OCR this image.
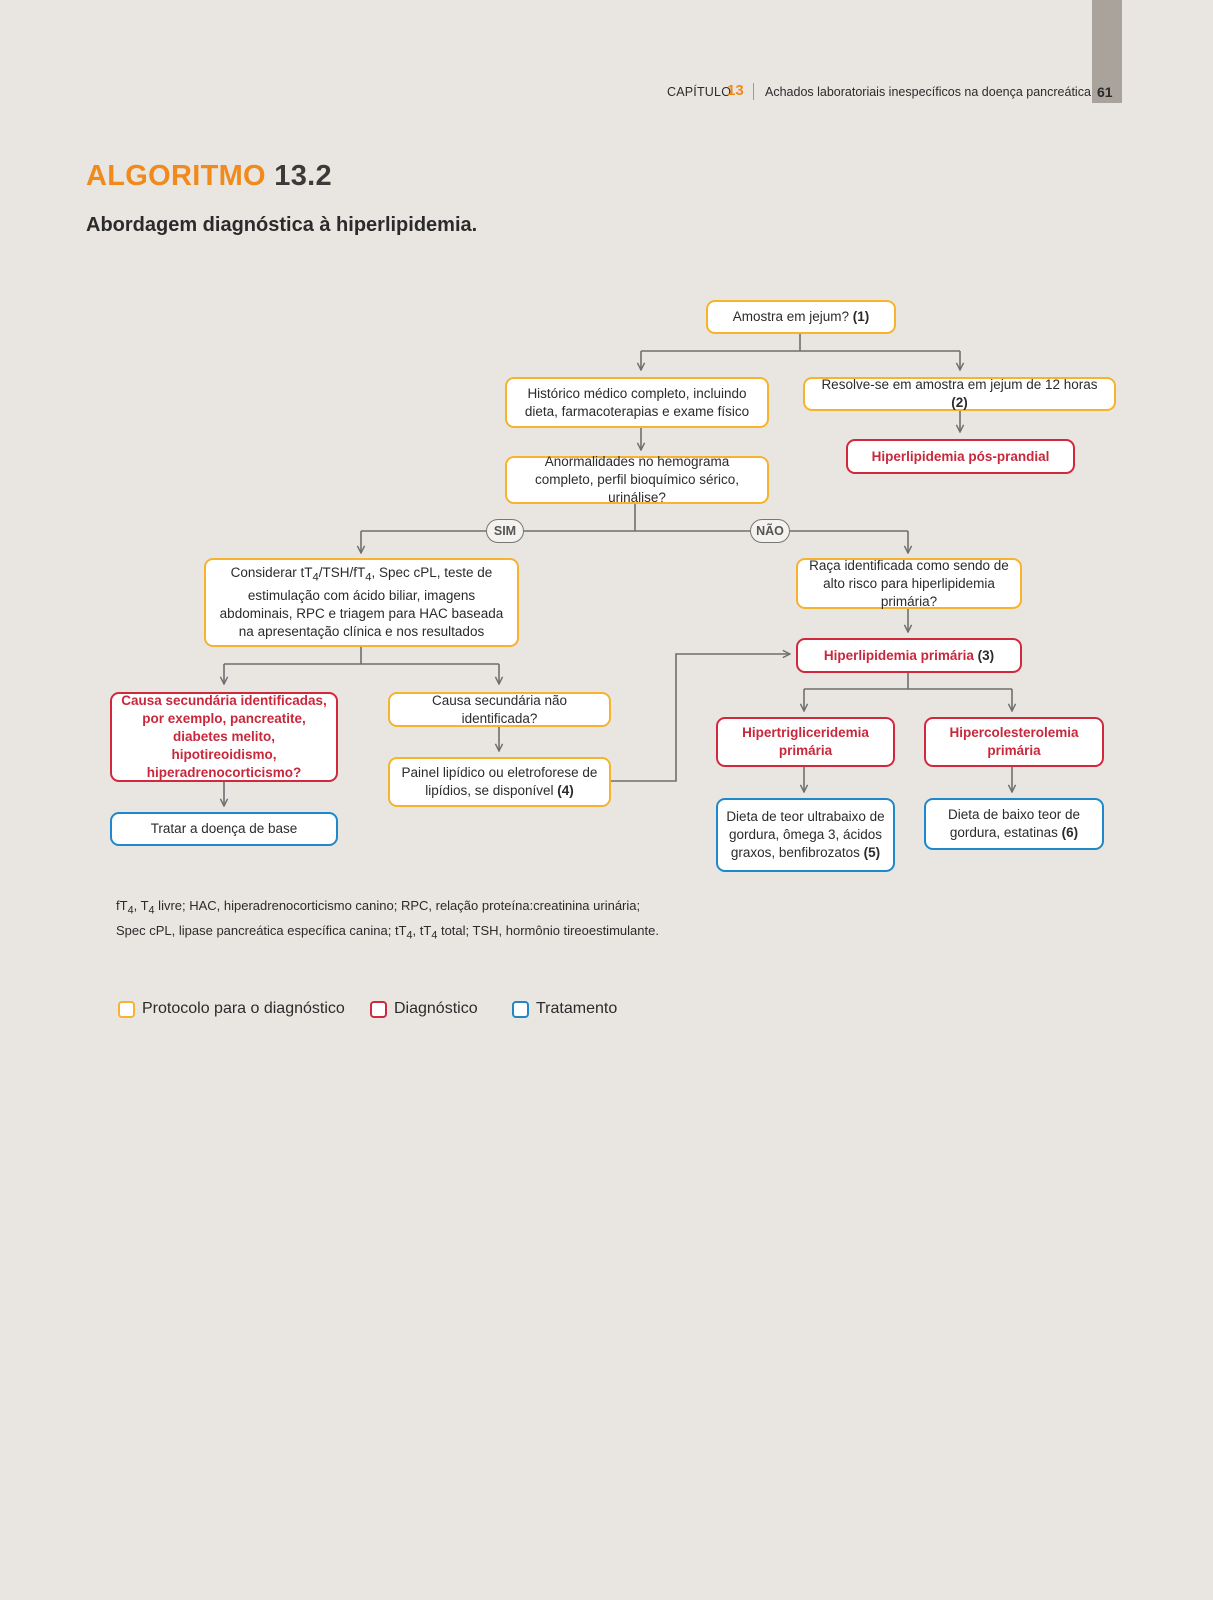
CAPÍTULO
13 Achados laboratoriais inespecíficos na doença pancreática 61
ALGORITMO 13.2
Abordagem diagnóstica à hiperlipidemia.
Amostra em jejum? (1)
Histórico médico completo, incluindo dieta, farmacoterapias e exame físico
Resolve-se em amostra em jejum de 12 horas (2)
Hiperlipidemia pós-prandial
Anormalidades no hemograma completo, perfil bioquímico sérico, urinálise?
SIM	NÃO
Considerar $tT_4/TSH/fT_4$, Spec cPL, teste de estimulação com ácido biliar, imagens abdominais, RPC e triagem para HAC baseada na apresentação clínica e nos resultados
Raça identificada como sendo de alto risco para hiperlipidemia primária?
Hiperlipidemia primária (3)
Causa secundária identificadas, por exemplo, pancreatite, diabetes melito, hipotireoidismo, hiperadrenocorticismo?
Causa secundária não identificada?
Painel lipídico ou eletroforese de lipídios, se disponível (4)
Tratar a doença de base
Hipertrigliceridemia primária
Hipercolesterolemia primária
Dieta de teor ultrabaixo de gordura, ômega 3, ácidos graxos, benfibrozatos (5)
Dieta de baixo teor de gordura, estatinas (6)
$fT_4$, $T_4$ livre; HAC, hiperadrenocorticismo canino; RPC, relação proteína:creatinina urinária;
Spec cPL, lipase pancreática específica canina; $tT_4$, $tT_4$ total; TSH, hormônio tireoestimulante.
Protocolo para o diagnóstico	Diagnóstico	Tratamento
